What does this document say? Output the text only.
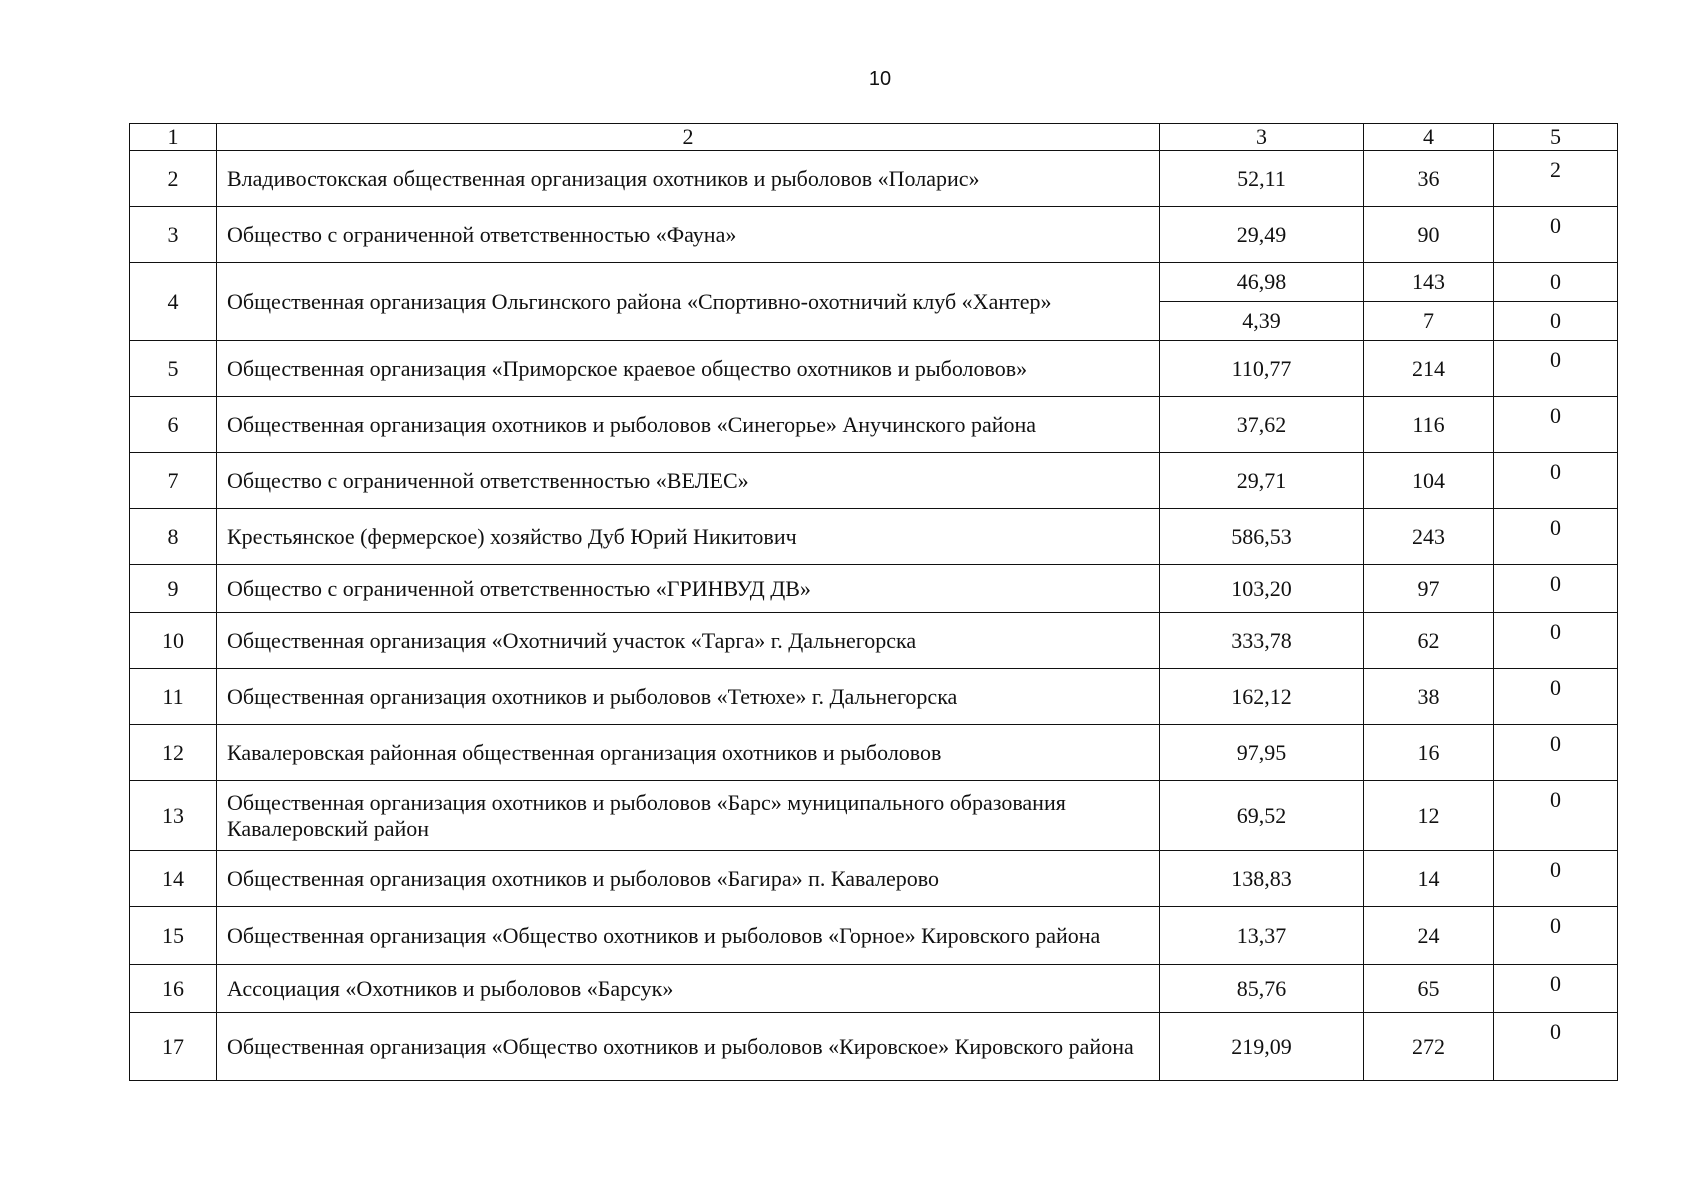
10
1	2	3	4	5
2	Владивостокская общественная организация охотников и рыболовов «Поларис»	52,11	36	2
3	Общество с ограниченной ответственностью «Фауна»	29,49	90	0
4	Общественная организация Ольгинского района «Спортивно-охотничий клуб «Хантер»	46,98	143	0
		4,39	7	0
5	Общественная организация «Приморское краевое общество охотников и рыболовов»	110,77	214	0
6	Общественная организация охотников и рыболовов «Синегорье» Анучинского района	37,62	116	0
7	Общество с ограниченной ответственностью «ВЕЛЕС»	29,71	104	0
8	Крестьянское (фермерское) хозяйство Дуб Юрий Никитович	586,53	243	0
9	Общество с ограниченной ответственностью «ГРИНВУД ДВ»	103,20	97	0
10	Общественная организация «Охотничий участок «Тарга» г. Дальнегорска	333,78	62	0
11	Общественная организация охотников и рыболовов «Тетюхе» г. Дальнегорска	162,12	38	0
12	Кавалеровская районная общественная организация охотников и рыболовов	97,95	16	0
13	Общественная организация охотников и рыболовов «Барс» муниципального образования Кавалеровский район	69,52	12	0
14	Общественная организация охотников и рыболовов «Багира» п. Кавалерово	138,83	14	0
15	Общественная организация «Общество охотников и рыболовов «Горное» Кировского района	13,37	24	0
16	Ассоциация «Охотников и рыболовов «Барсук»	85,76	65	0
17	Общественная организация «Общество охотников и рыболовов «Кировское» Кировского района	219,09	272	0
